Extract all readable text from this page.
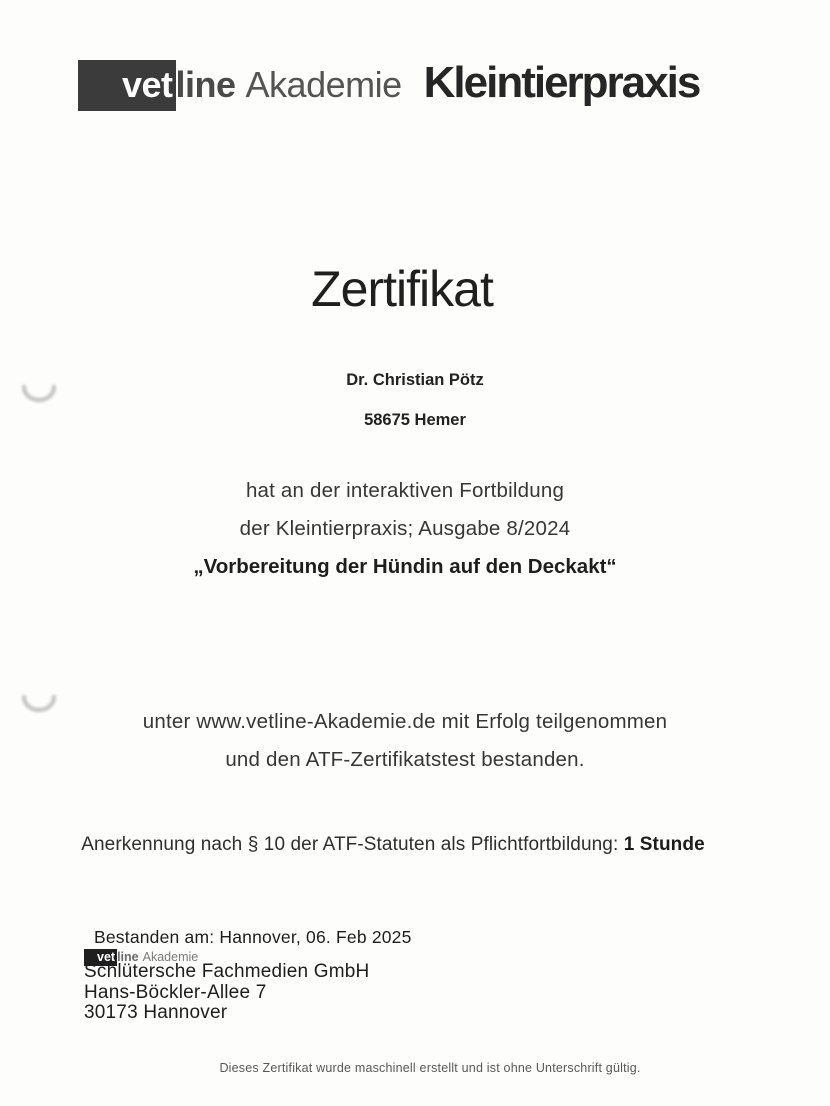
vet line Akademie Kleintierpraxis
Zertifikat
Dr. Christian Pötz
58675 Hemer
hat an der interaktiven Fortbildung
der Kleintierpraxis; Ausgabe 8/2024
„Vorbereitung der Hündin auf den Deckakt“
unter www.vetline-Akademie.de mit Erfolg teilgenommen
und den ATF-Zertifikatstest bestanden.
Anerkennung nach § 10 der ATF-Statuten als Pflichtfortbildung: 1 Stunde
Bestanden am: Hannover, 06. Feb 2025
vet line Akademie
Schlütersche Fachmedien GmbH
Hans-Böckler-Allee 7
30173 Hannover
Dieses Zertifikat wurde maschinell erstellt und ist ohne Unterschrift gültig.
